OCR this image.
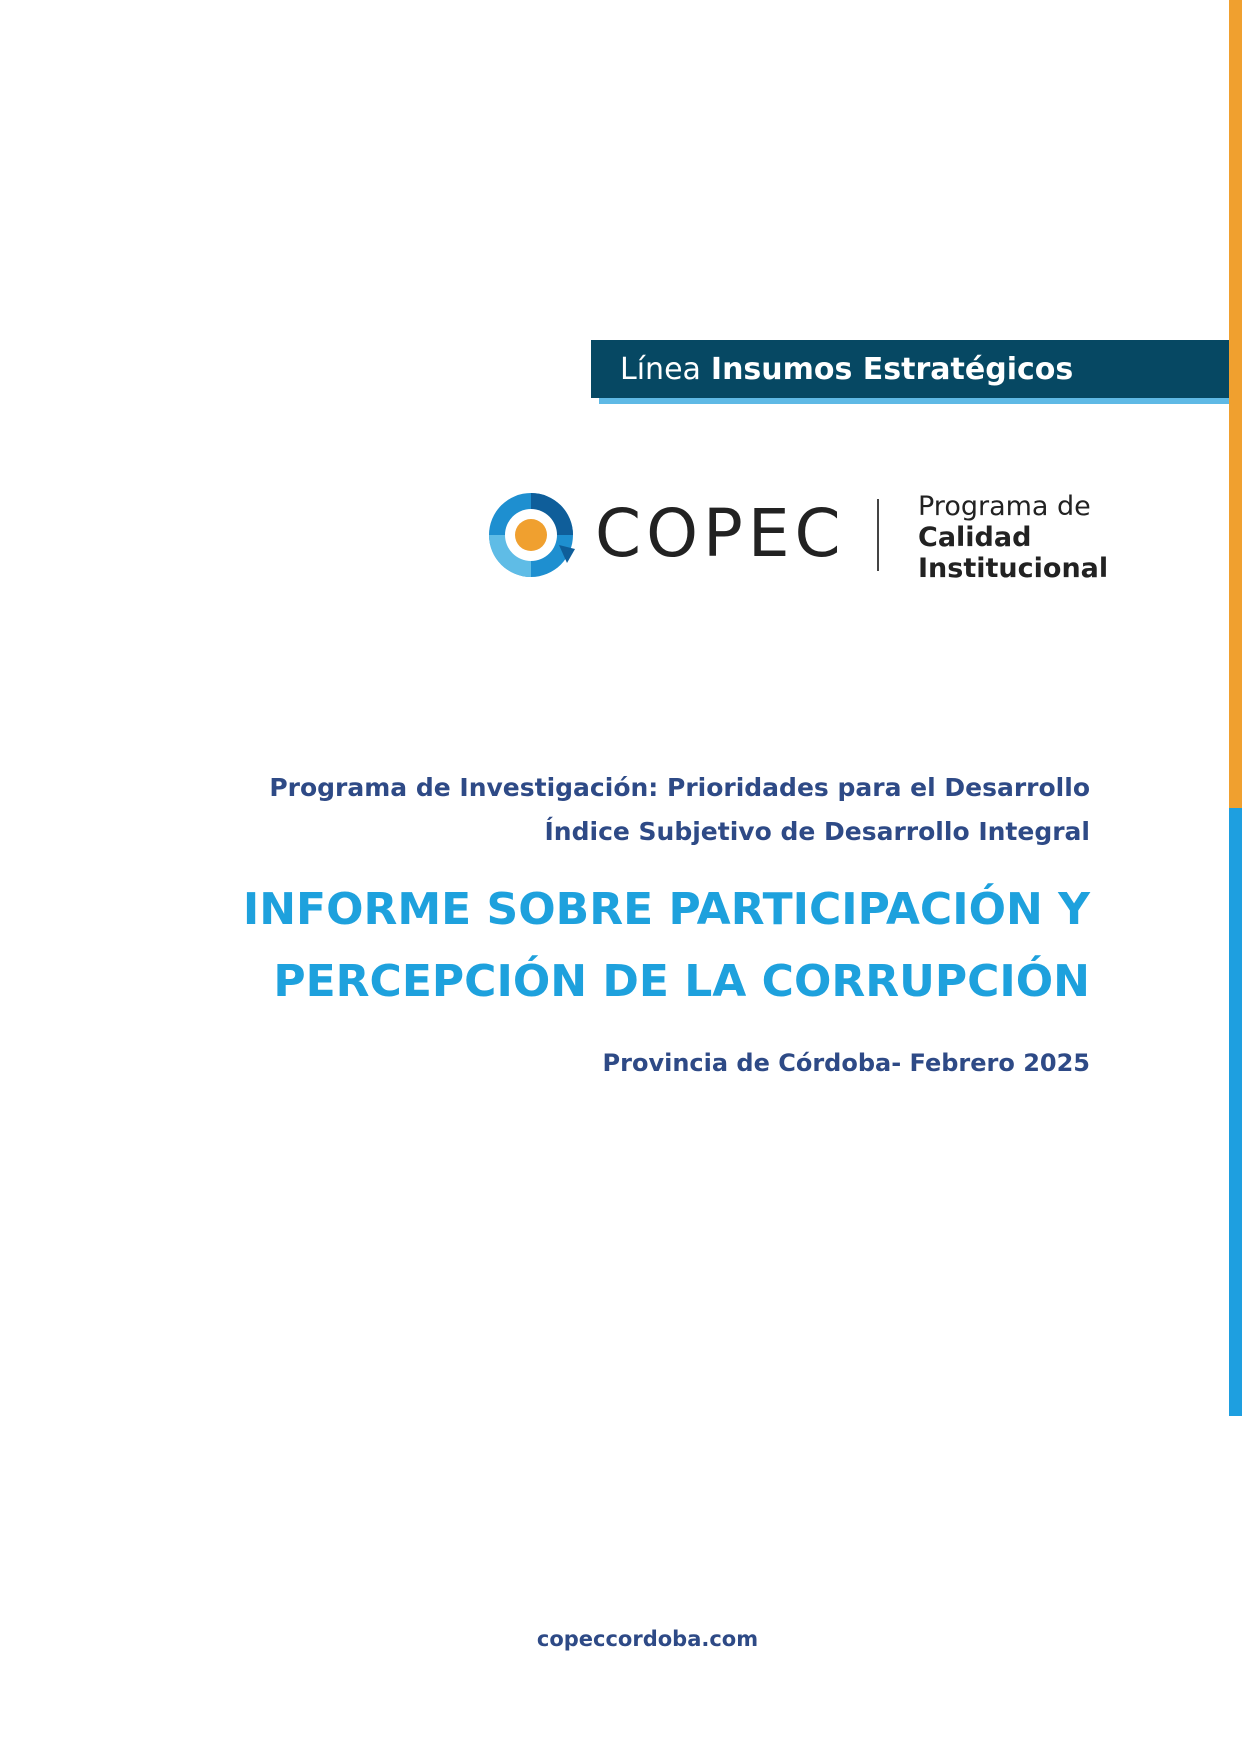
Línea Insumos Estratégicos
COPEC	Programa de
Calidad
Institucional
Programa de Investigación: Prioridades para el Desarrollo
Índice Subjetivo de Desarrollo Integral
INFORME SOBRE PARTICIPACIÓN Y
PERCEPCIÓN DE LA CORRUPCIÓN
Provincia de Córdoba- Febrero 2025
copeccordoba.com
